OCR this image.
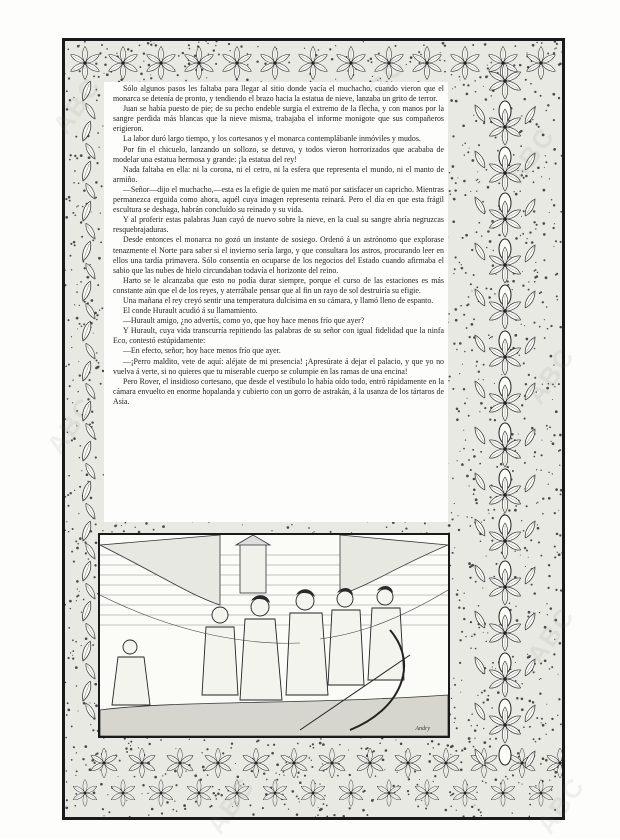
Sólo algunos pasos les faltaba para llegar al sitio donde yacía el muchacho, cuando vieron que el monarca se detenía de pronto, y tendiendo el brazo hacia la estatua de nieve, lanzaba un grito de terror.

Juan se había puesto de pie; de su pecho endeble surgía el extremo de la flecha, y con manos por la sangre perdida más blancas que la nieve misma, trabajaba el informe monigote que sus compañeros erigieron.

La labor duró largo tiempo, y los cortesanos y el monarca contemplábanle inmóviles y mudos.

Por fin el chicuelo, lanzando un sollozo, se detuvo, y todos vieron horrorizados que acababa de modelar una estatua hermosa y grande: ¡la estatua del rey!

Nada faltaba en ella: ni la corona, ni el cetro, ni la esfera que representa el mundo, ni el manto de armiño.

—Señor—dijo el muchacho,—esta es la efigie de quien me mató por satisfacer un capricho. Mientras permanezca erguida como ahora, aquél cuya imagen representa reinará. Pero el día en que esta frágil escultura se deshaga, habrán concluído su reinado y su vida.

Y al proferir estas palabras Juan cayó de nuevo sobre la nieve, en la cual su sangre abría negruzcas resquebrajaduras.

Desde entonces el monarca no gozó un instante de sosiego. Ordenó á un astrónomo que explorase tenazmente el Norte para saber si el invierno sería largo, y que consultara los astros, procurando leer en ellos una tardía primavera. Sólo consentía en ocuparse de los negocios del Estado cuando afirmaba el sabio que las nubes de hielo circundaban todavía el horizonte del reino.

Harto se le alcanzaba que esto no podía durar siempre, porque el curso de las estaciones es más constante aún que el de los reyes, y aterrábale pensar que al fin un rayo de sol destruiría su efigie.

Una mañana el rey creyó sentir una temperatura dulcísima en su cámara, y llamó lleno de espanto.

El conde Hurault acudió á su llamamiento.

—Hurault amigo, ¿no advertís, como yo, que hoy hace menos frío que ayer?

Y Hurault, cuya vida transcurría repitiendo las palabras de su señor con igual fidelidad que la ninfa Eco, contestó estúpidamente:

—En efecto, señor; hoy hace menos frío que ayer.

—¡Perro maldito, vete de aquí: aléjate de mi presencia! ¡Apresúrate á dejar el palacio, y que yo no vuelva á verte, si no quieres que tu miserable cuerpo se columpie en las ramas de una encina!

Pero Rover, el insidioso cortesano, que desde el vestíbulo lo había oído todo, entró rápidamente en la cámara envuelto en enorme hopalanda y cubierto con un gorro de astrakán, á la usanza de los tártaros de Asia.

Andry
